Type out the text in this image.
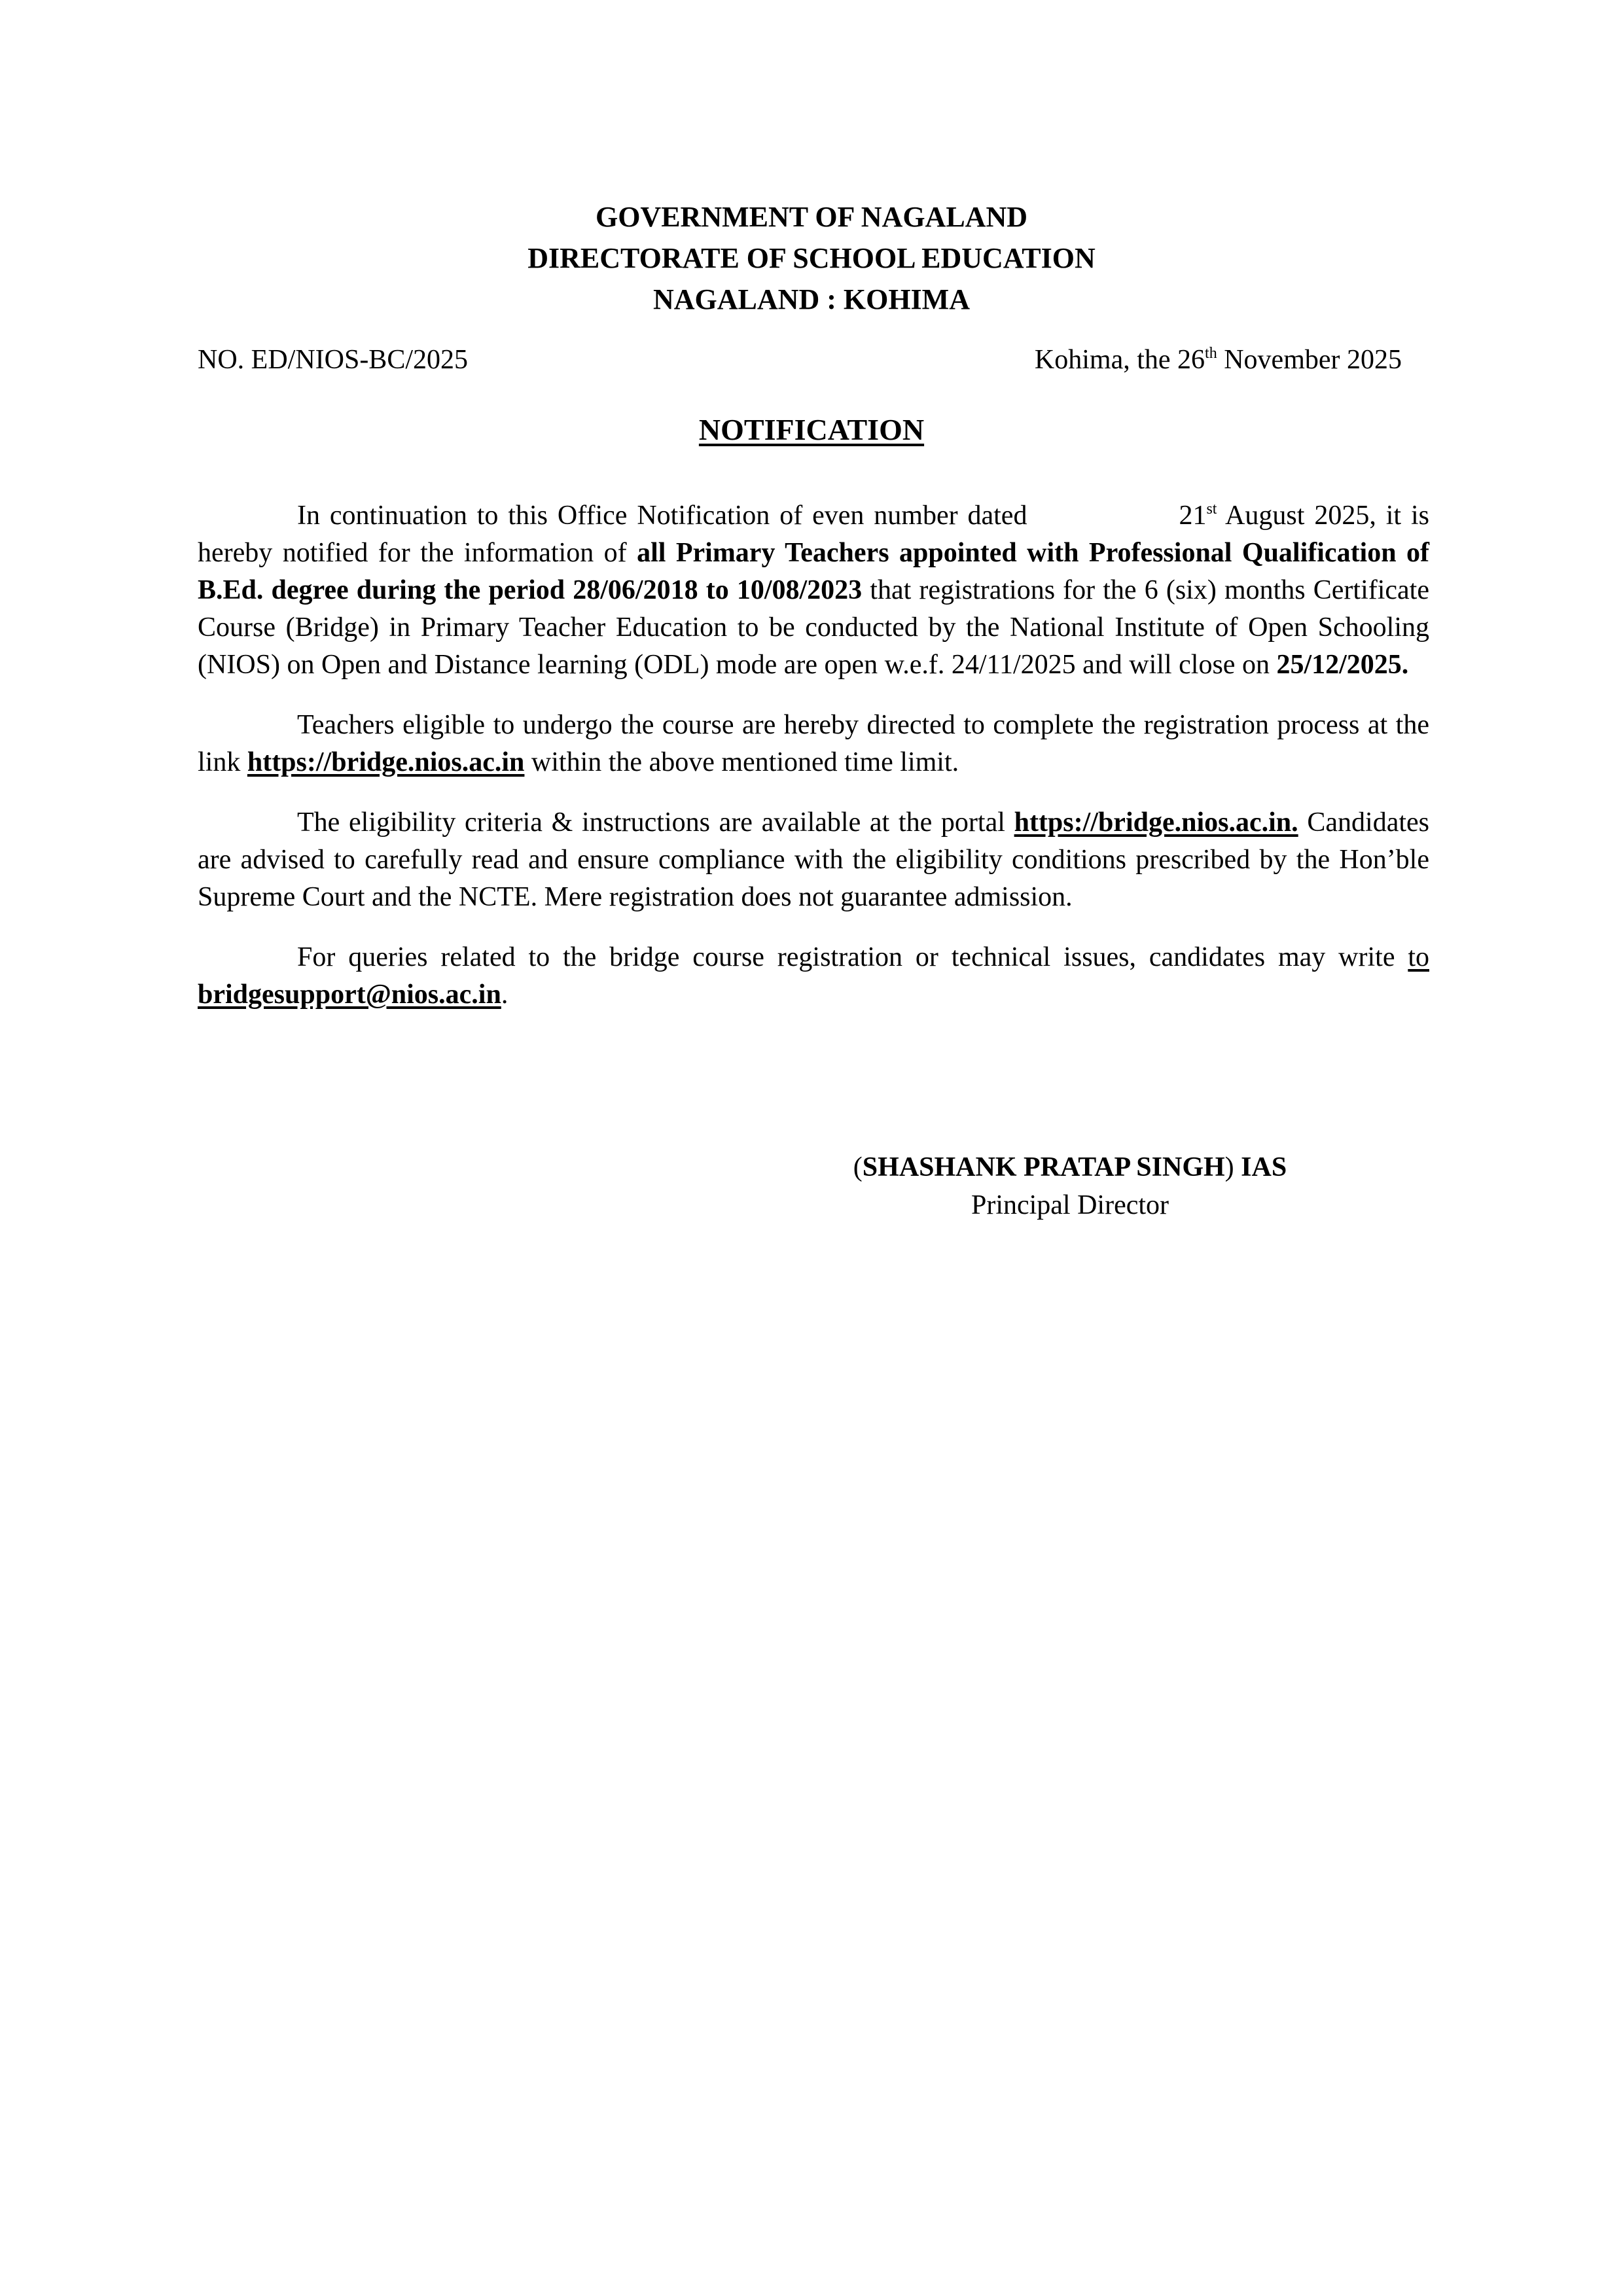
GOVERNMENT OF NAGALAND
DIRECTORATE OF SCHOOL EDUCATION
NAGALAND : KOHIMA
NO. ED/NIOS-BC/2025	Kohima, the 26th November 2025
NOTIFICATION

In continuation to this Office Notification of even number dated	21st August 2025, it is hereby notified for the information of all Primary Teachers appointed with Professional Qualification of B.Ed. degree during the period 28/06/2018 to 10/08/2023 that registrations for the 6 (six) months Certificate Course (Bridge) in Primary Teacher Education to be conducted by the National Institute of Open Schooling (NIOS) on Open and Distance learning (ODL) mode are open w.e.f. 24/11/2025 and will close on 25/12/2025.

Teachers eligible to undergo the course are hereby directed to complete the registration process at the link https://bridge.nios.ac.in within the above mentioned time limit.

The eligibility criteria & instructions are available at the portal https://bridge.nios.ac.in. Candidates are advised to carefully read and ensure compliance with the eligibility conditions prescribed by the Hon’ble Supreme Court and the NCTE. Mere registration does not guarantee admission.

For queries related to the bridge course registration or technical issues, candidates may write to bridgesupport@nios.ac.in.

(SHASHANK PRATAP SINGH) IAS
Principal Director
